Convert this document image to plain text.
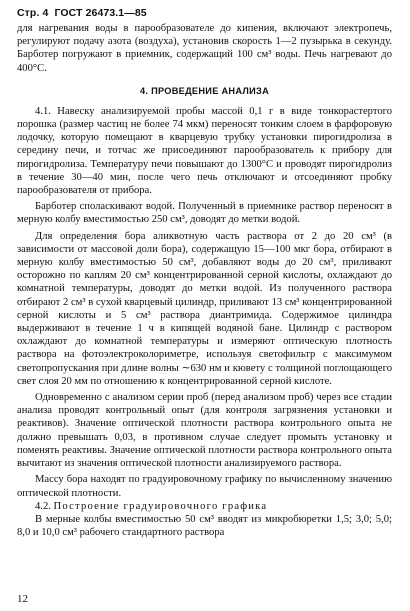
Стр. 4 ГОСТ 26473.1—85

для нагревания воды в парообразователе до кипения, включают электропечь, регулируют подачу азота (воздуха), установив скорость 1—2 пузырька в секунду. Барботер погружают в приемник, содержащий 100 см³ воды. Печь нагревают до 400°С.

4. ПРОВЕДЕНИЕ АНАЛИЗА

4.1. Навеску анализируемой пробы массой 0,1 г в виде тонкорастертого порошка (размер частиц не более 74 мкм) переносят тонким слоем в фарфоровую лодочку, которую помещают в кварцевую трубку установки пирогидролиза в середину печи, и тотчас же присоединяют парообразователь к прибору для пирогидролиза. Температуру печи повышают до 1300°С и проводят пирогидролиз в течение 30—40 мин, после чего печь отключают и отсоединяют пробку парообразователя от прибора.

Барботер споласкивают водой. Полученный в приемнике раствор переносят в мерную колбу вместимостью 250 см³, доводят до метки водой.

Для определения бора аликвотную часть раствора от 2 до 20 см³ (в зависимости от массовой доли бора), содержащую 15—100 мкг бора, отбирают в мерную колбу вместимостью 50 см³, добавляют воды до 20 см³, приливают осторожно по каплям 20 см³ концентрированной серной кислоты, охлаждают до комнатной температуры, доводят до метки водой. Из полученного раствора отбирают 2 см³ в сухой кварцевый цилиндр, приливают 13 см³ концентрированной серной кислоты и 5 см³ раствора диантримида. Содержимое цилиндра выдерживают в течение 1 ч в кипящей водяной бане. Цилиндр с раствором охлаждают до комнатной температуры и измеряют оптическую плотность раствора на фотоэлектроколориметре, используя светофильтр с максимумом светопропускания при длине волны ∼630 нм и кювету с толщиной поглощающего свет слоя 20 мм по отношению к концентрированной серной кислоте.

Одновременно с анализом серии проб (перед анализом проб) через все стадии анализа проводят контрольный опыт (для контроля загрязнения установки и реактивов). Значение оптической плотности раствора контрольного опыта не должно превышать 0,03, в противном случае следует промыть установку и поменять реактивы. Значение оптической плотности раствора контрольного опыта вычитают из значения оптической плотности анализируемого раствора.

Массу бора находят по градуировочному графику по вычисленному значению оптической плотности.

4.2. Построение градуировочного графика

В мерные колбы вместимостью 50 см³ вводят из микробюретки 1,5; 3,0; 5,0; 8,0 и 10,0 см³ рабочего стандартного раствора

12
